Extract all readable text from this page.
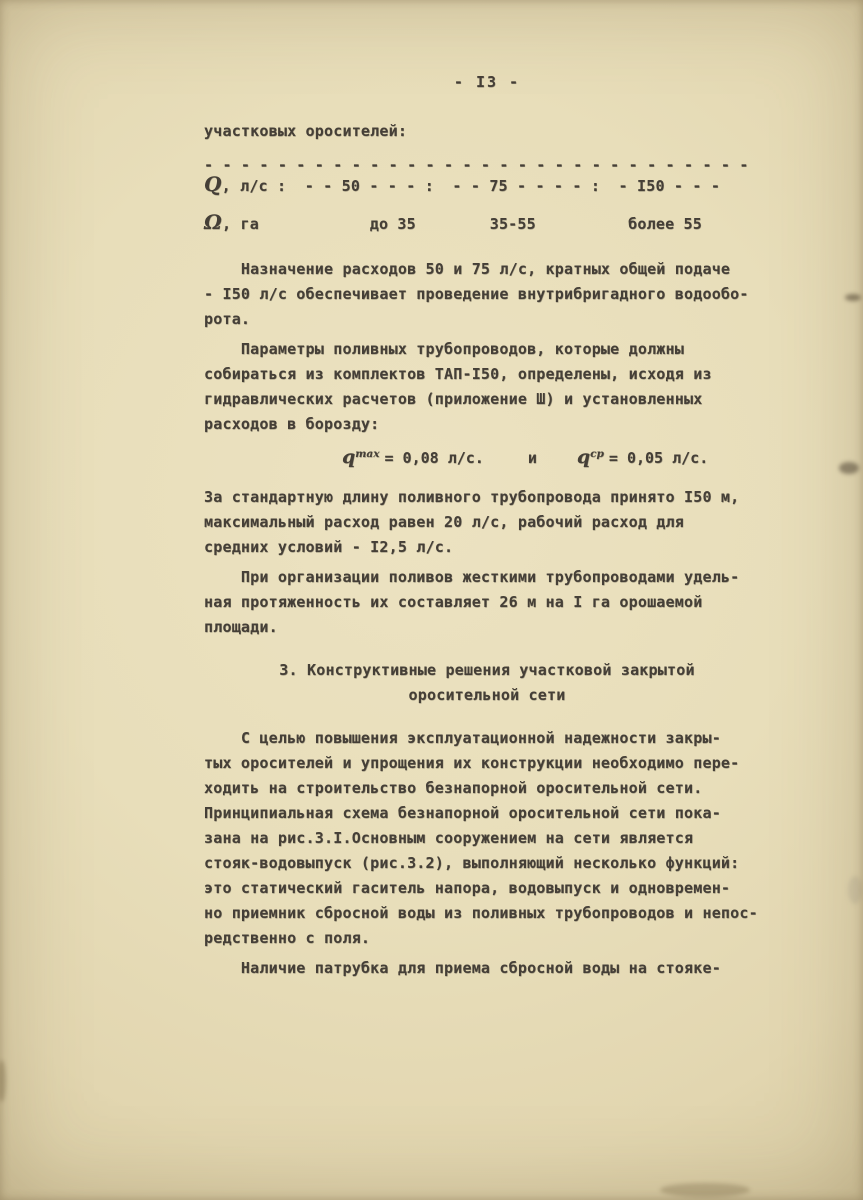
- I3 -
участковых оросителей:
- - - - - - - - - - - - - - - - - - - - - - - - - - - - - -
Q, л/с :  - - 50 - - - :  - - 75 - - - - :  - I50 - - -
Ω, га            до 35        35-55          более 55
Назначение расходов 50 и 75 л/с, кратных общей подаче
- I50 л/с обеспечивает проведение внутрибригадного водообо-
рота.
Параметры поливных трубопроводов, которые должны
собираться из комплектов ТАП-I50, определены, исходя из
гидравлических расчетов (приложение Ш) и установленных
расходов в борозду:
$q^{max} = 0,08$ л/с.	и $q^{ср} = 0,05$ л/с.
За стандартную длину поливного трубопровода принято I50 м,
максимальный расход равен 20 л/с, рабочий расход для
средних условий - I2,5 л/с.
При организации поливов жесткими трубопроводами удель-
ная протяженность их составляет 26 м на I га орошаемой
площади.
3. Конструктивные решения участковой закрытой
оросительной сети
С целью повышения эксплуатационной надежности закры-
тых оросителей и упрощения их конструкции необходимо пере-
ходить на строительство безнапорной оросительной сети.
Принципиальная схема безнапорной оросительной сети пока-
зана на рис.3.I.Основным сооружением на сети является
стояк-водовыпуск (рис.3.2), выполняющий несколько функций:
это статический гаситель напора, водовыпуск и одновремен-
но приемник сбросной воды из поливных трубопроводов и непос-
редственно с поля.
Наличие патрубка для приема сбросной воды на стояке-
